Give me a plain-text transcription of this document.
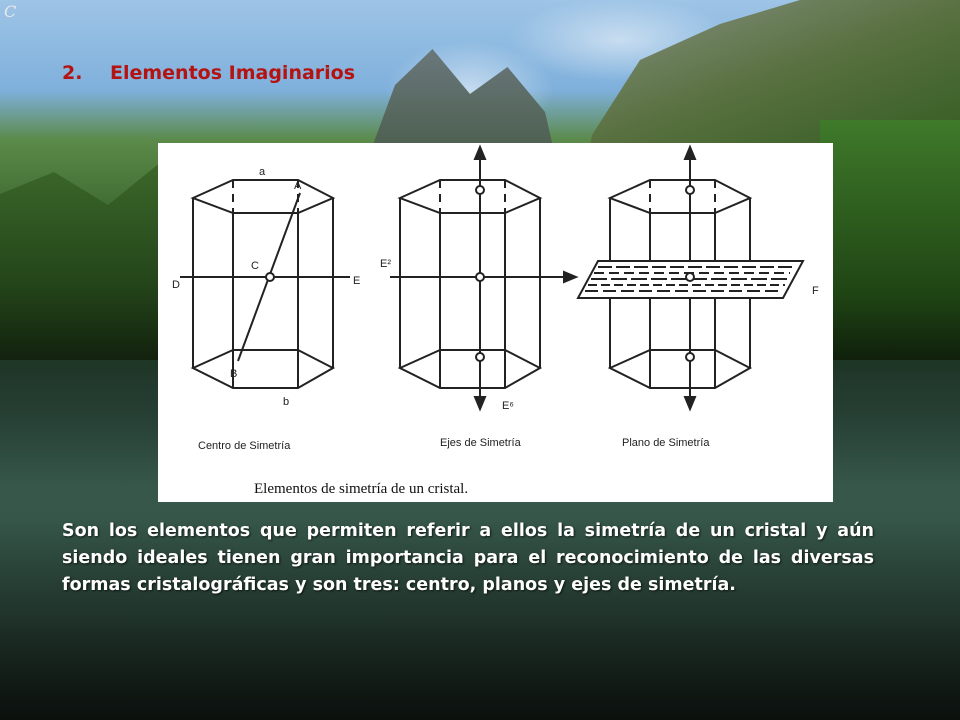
C
2.	Elementos Imaginarios
a
A
C
D	E
B
b
E²
E⁶
F
Centro de Simetría	Ejes de Simetría	Plano de Simetría
Elementos de simetría de un cristal.
Son los elementos que permiten referir a ellos la simetría de un cristal y aún siendo ideales tienen gran importancia para el reconocimiento de las diversas formas cristalográficas y son tres: centro, planos y ejes de simetría.
